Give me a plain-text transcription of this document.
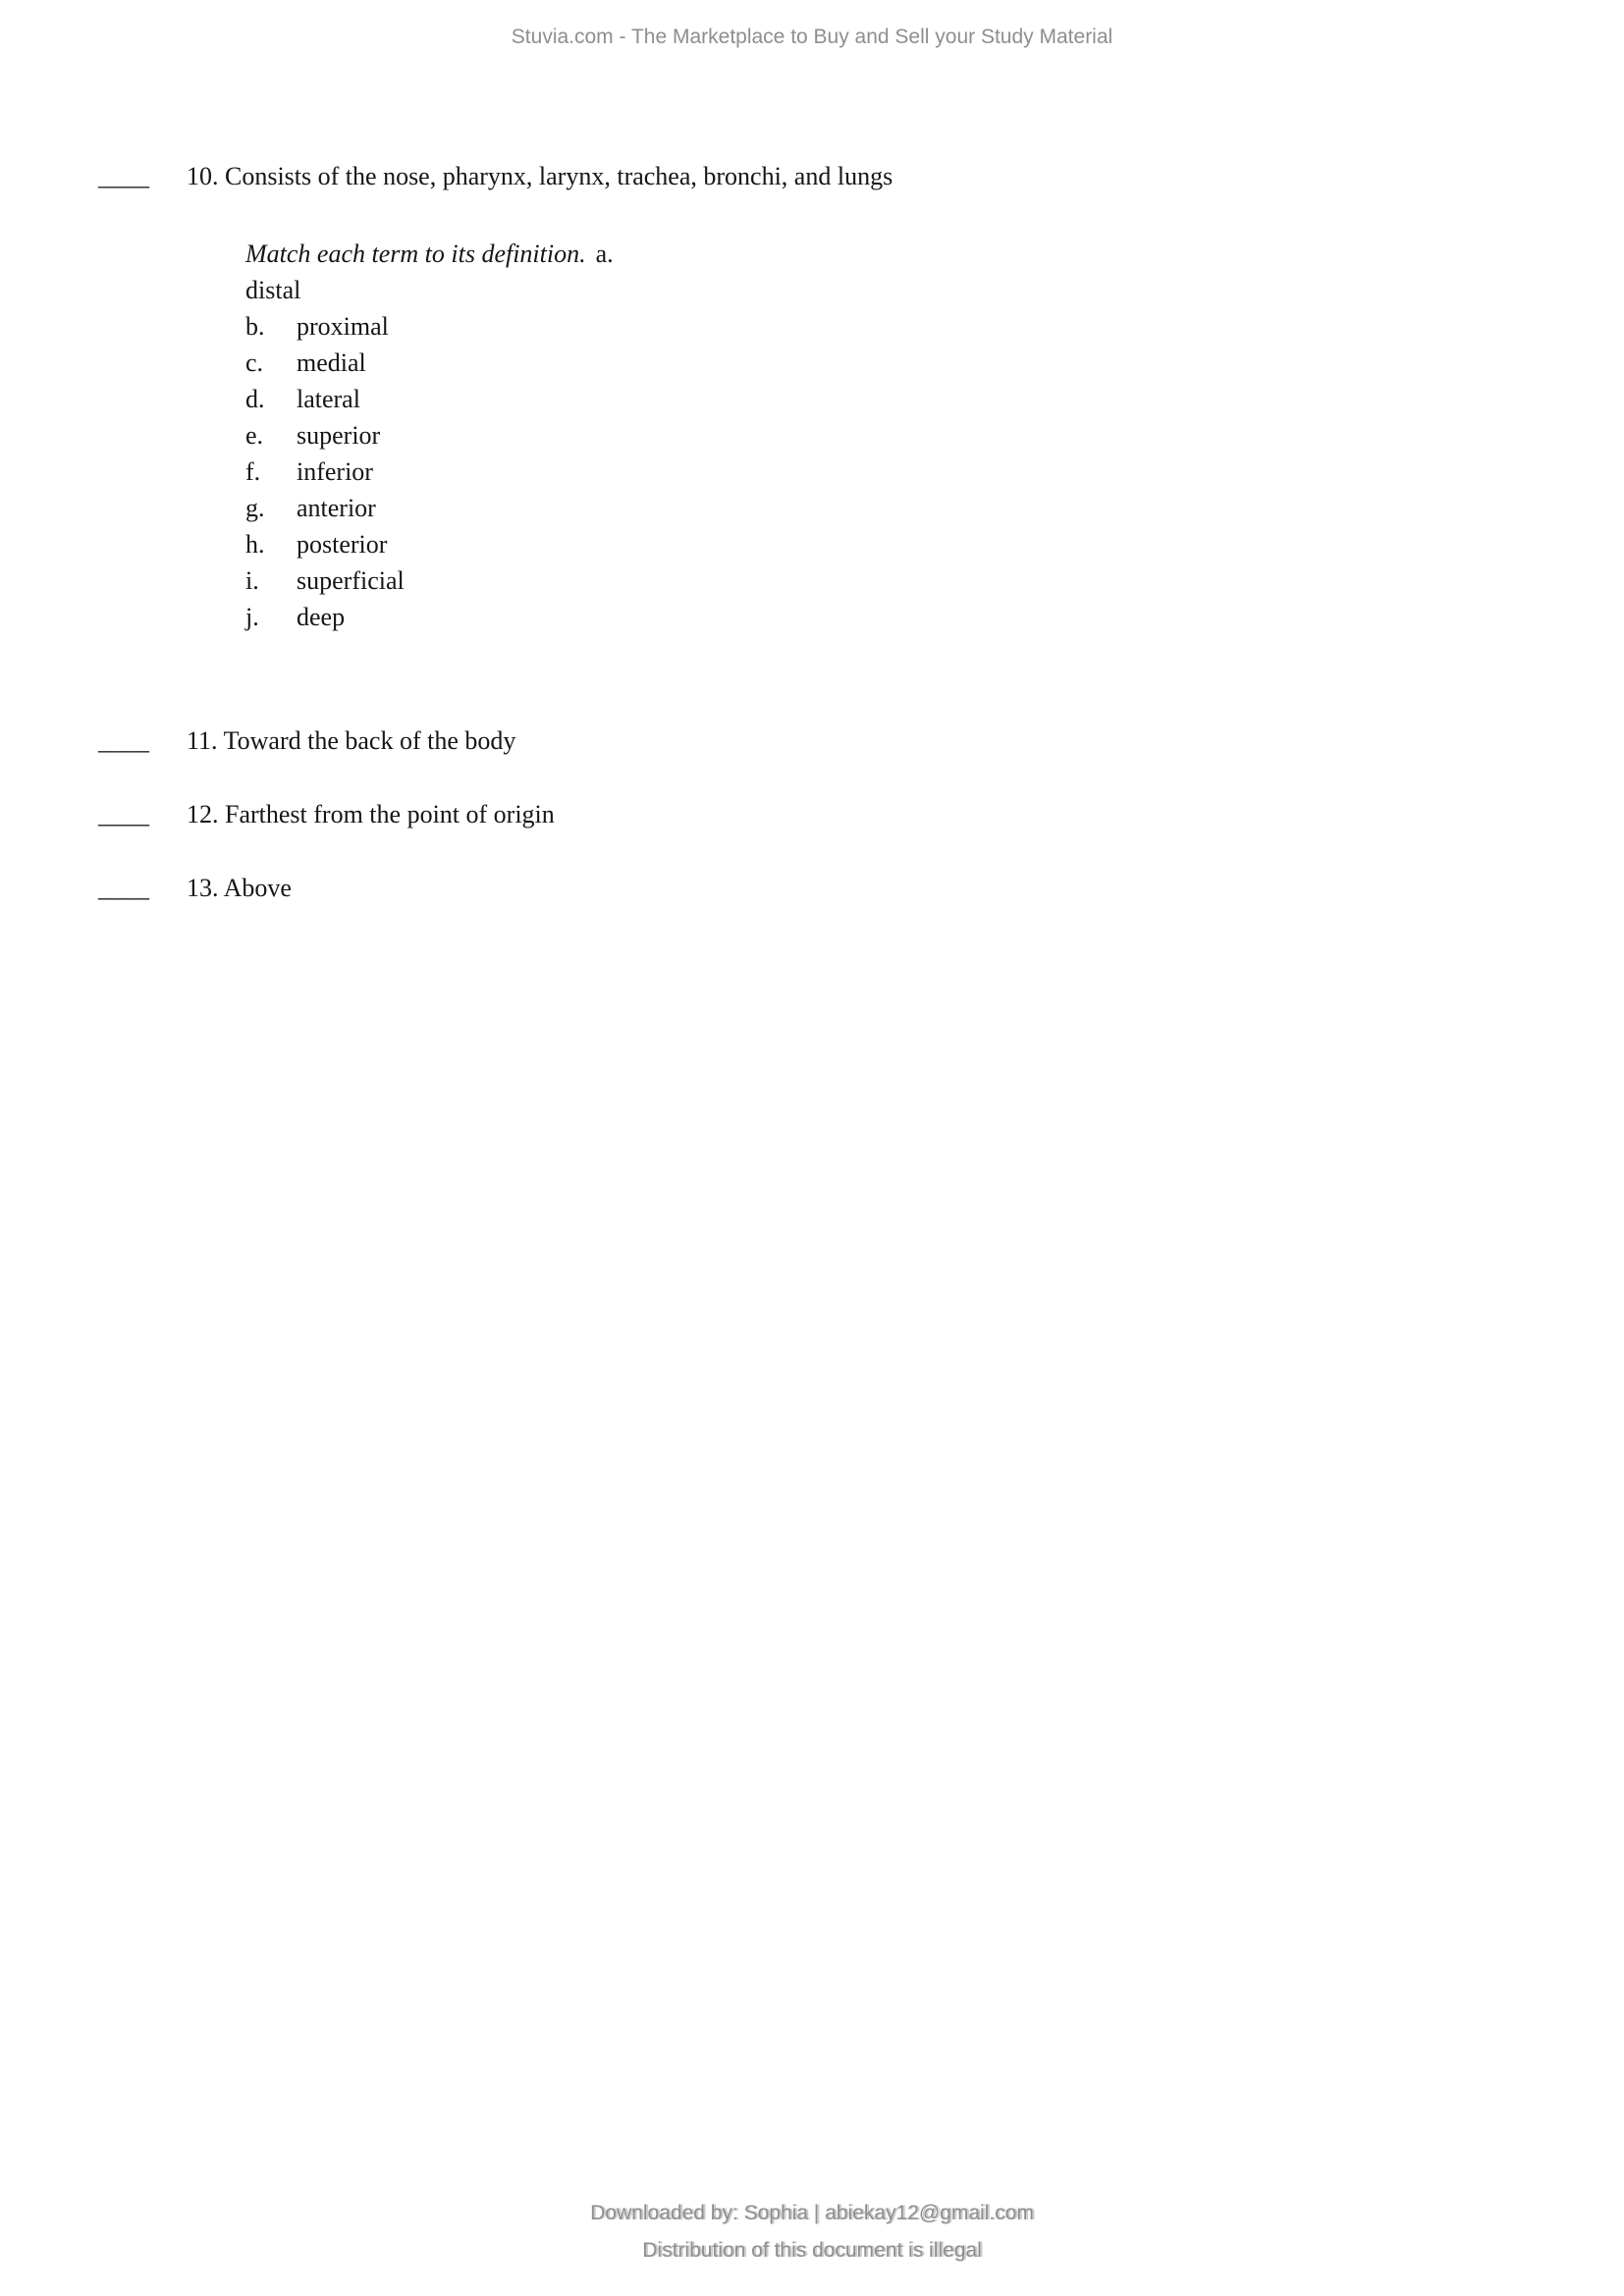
Stuvia.com - The Marketplace to Buy and Sell your Study Material
____ 10. Consists of the nose, pharynx, larynx, trachea, bronchi, and lungs
Match each term to its definition. a.
distal
b.	proximal
c.	medial
d.	lateral
e.	superior
f.	inferior
g.	anterior
h.	posterior
i.	superficial
j.	deep
____ 11. Toward the back of the body
____ 12. Farthest from the point of origin
____ 13. Above
Downloaded by: Sophia | abiekay12@gmail.com
Distribution of this document is illegal
